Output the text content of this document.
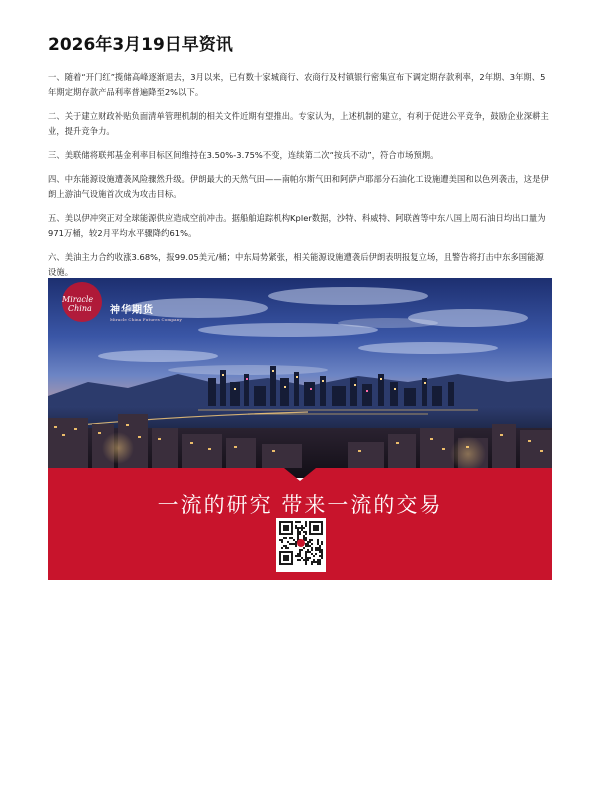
2026年3月19日早资讯

一、随着“开门红”揽储高峰逐渐退去，3月以来，已有数十家城商行、农商行及村镇银行密集宣布下调定期存款利率，2年期、3年期、5年期定期存款产品利率普遍降至2%以下。

二、关于建立财政补贴负面清单管理机制的相关文件近期有望推出。专家认为，上述机制的建立，有利于促进公平竞争，鼓励企业深耕主业，提升竞争力。

三、美联储将联邦基金利率目标区间维持在3.50%-3.75%不变，连续第二次“按兵不动”，符合市场预期。

四、中东能源设施遭袭风险骤然升级。伊朗最大的天然气田——南帕尔斯气田和阿萨卢耶部分石油化工设施遭美国和以色列袭击，这是伊朗上游油气设施首次成为攻击目标。

五、美以伊冲突正对全球能源供应造成空前冲击。据船舶追踪机构Kpler数据，沙特、科威特、阿联酋等中东八国上周石油日均出口量为971万桶，较2月平均水平骤降约61%。

六、美油主力合约收涨3.68%，报99.05美元/桶；中东局势紧张，相关能源设施遭袭后伊朗表明报复立场，且警告将打击中东多国能源设施。

Miracle
China 神华期货
Miracle China Futures Company
一流的研究 带来一流的交易
